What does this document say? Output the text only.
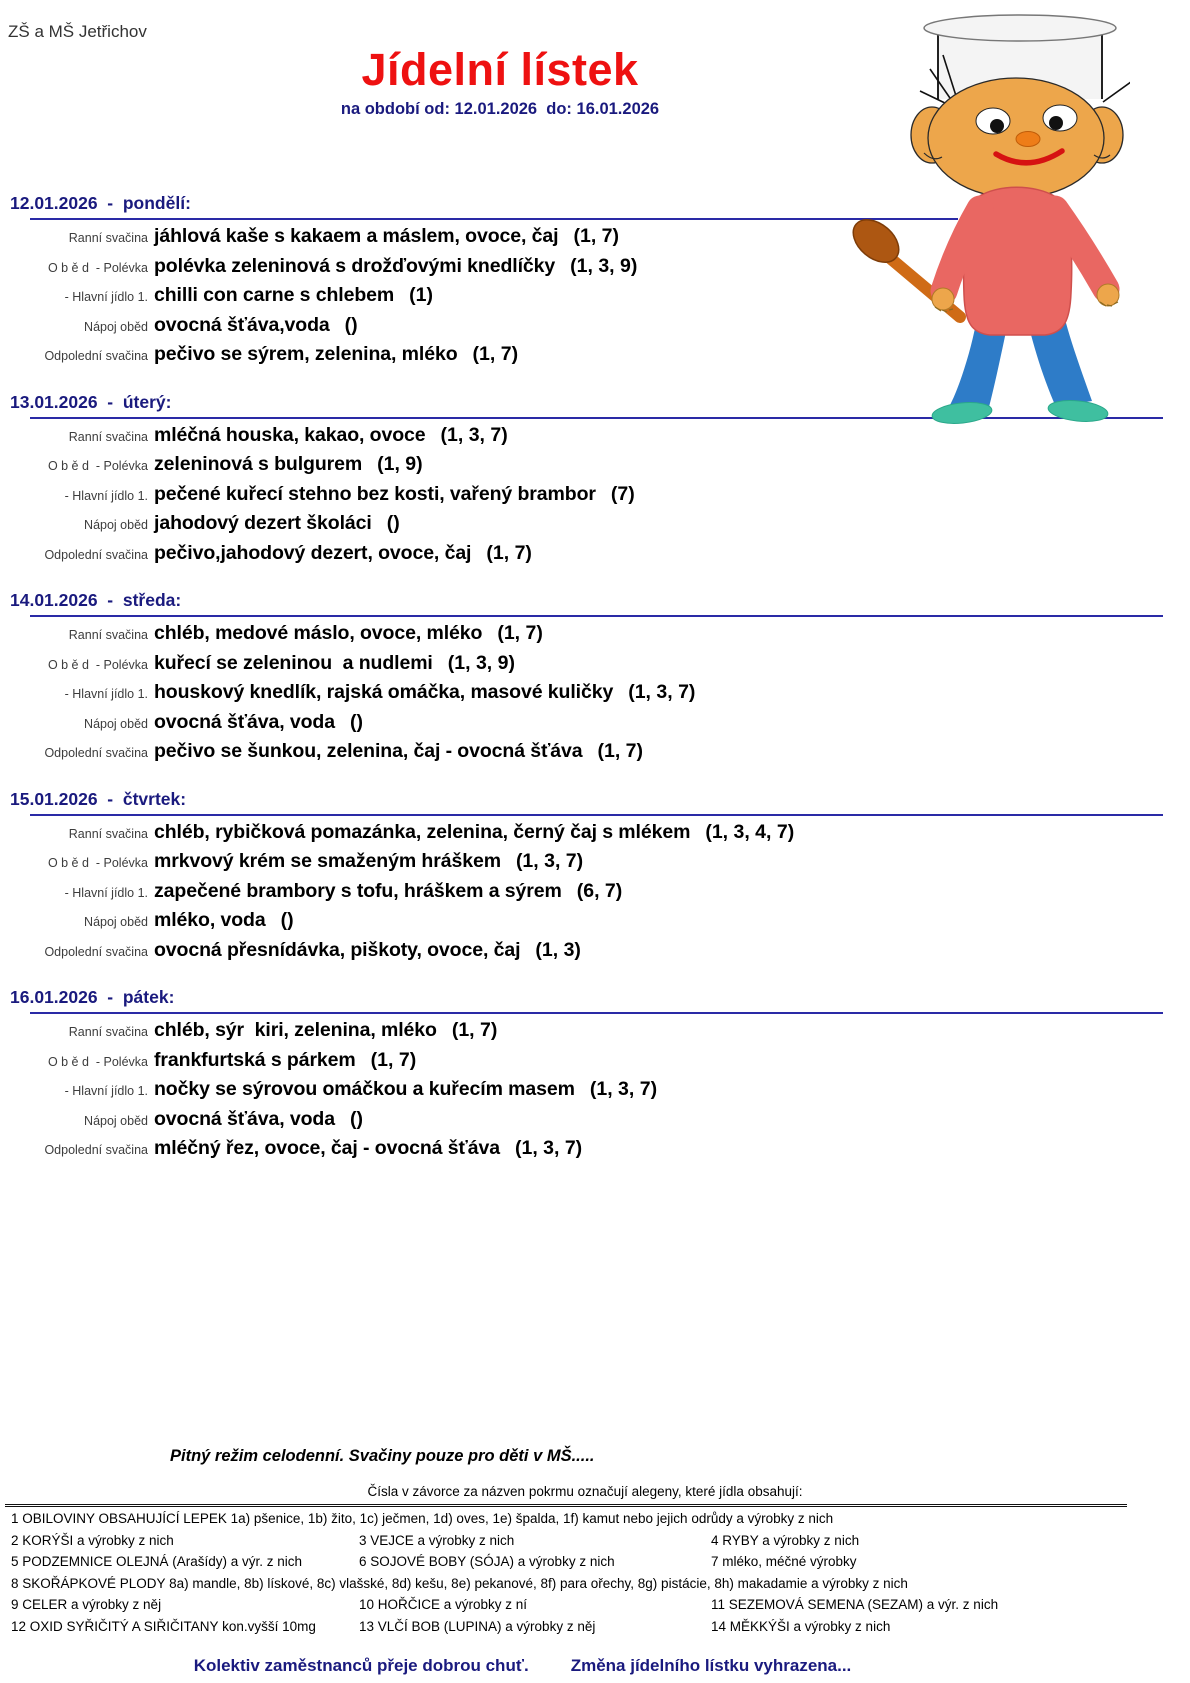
ZŠ a MŠ Jetřichov
Jídelní lístek
na období od: 12.01.2026  do: 16.01.2026
12.01.2026  -  pondělí:
Ranní svačina jáhlová kaše s kakaem a máslem, ovoce, čaj (1, 7)
O b ě d  - Polévka polévka zeleninová s drožďovými knedlíčky (1, 3, 9)
- Hlavní jídlo 1. chilli con carne s chlebem (1)
Nápoj oběd ovocná šťáva,voda ()
Odpolední svačina pečivo se sýrem, zelenina, mléko (1, 7)
13.01.2026  -  úterý:
Ranní svačina mléčná houska, kakao, ovoce (1, 3, 7)
O b ě d  - Polévka zeleninová s bulgurem (1, 9)
- Hlavní jídlo 1. pečené kuřecí stehno bez kosti, vařený brambor (7)
Nápoj oběd jahodový dezert školáci ()
Odpolední svačina pečivo,jahodový dezert, ovoce, čaj (1, 7)
14.01.2026  -  středa:
Ranní svačina chléb, medové máslo, ovoce, mléko (1, 7)
O b ě d  - Polévka kuřecí se zeleninou  a nudlemi (1, 3, 9)
- Hlavní jídlo 1. houskový knedlík, rajská omáčka, masové kuličky (1, 3, 7)
Nápoj oběd ovocná šťáva, voda ()
Odpolední svačina pečivo se šunkou, zelenina, čaj - ovocná šťáva (1, 7)
15.01.2026  -  čtvrtek:
Ranní svačina chléb, rybičková pomazánka, zelenina, černý čaj s mlékem (1, 3, 4, 7)
O b ě d  - Polévka mrkvový krém se smaženým hráškem (1, 3, 7)
- Hlavní jídlo 1. zapečené brambory s tofu, hráškem a sýrem (6, 7)
Nápoj oběd mléko, voda ()
Odpolední svačina ovocná přesnídávka, piškoty, ovoce, čaj (1, 3)
16.01.2026  -  pátek:
Ranní svačina chléb, sýr  kiri, zelenina, mléko (1, 7)
O b ě d  - Polévka frankfurtská s párkem (1, 7)
- Hlavní jídlo 1. nočky se sýrovou omáčkou a kuřecím masem (1, 3, 7)
Nápoj oběd ovocná šťáva, voda ()
Odpolední svačina mléčný řez, ovoce, čaj - ovocná šťáva (1, 3, 7)
Pitný režim celodenní. Svačiny pouze pro děti v MŠ.....
Čísla v závorce za názven pokrmu označují alegeny, které jídla obsahují:
1 OBILOVINY OBSAHUJÍCÍ LEPEK 1a) pšenice, 1b) žito, 1c) ječmen, 1d) oves, 1e) špalda, 1f) kamut nebo jejich odrůdy a výrobky z nich
2 KORÝŠI a výrobky z nich	3 VEJCE a výrobky z nich	4 RYBY a výrobky z nich
5 PODZEMNICE OLEJNÁ (Arašídy) a výr. z nich	6 SOJOVÉ BOBY (SÓJA) a výrobky z nich	7 mléko, méčné výrobky
8 SKOŘÁPKOVÉ PLODY 8a) mandle, 8b) lískové, 8c) vlašské, 8d) kešu, 8e) pekanové, 8f) para ořechy, 8g) pistácie, 8h) makadamie a výrobky z nich
9 CELER a výrobky z něj	10 HOŘČICE a výrobky z ní	11 SEZEMOVÁ SEMENA (SEZAM) a výr. z nich
12 OXID SYŘIČITÝ A SIŘIČITANY kon.vyšší 10mg	13 VLČÍ BOB (LUPINA) a výrobky z něj	14 MĚKKÝŠI a výrobky z nich
Kolektiv zaměstnanců přeje dobrou chuť. Změna jídelního lístku vyhrazena...
